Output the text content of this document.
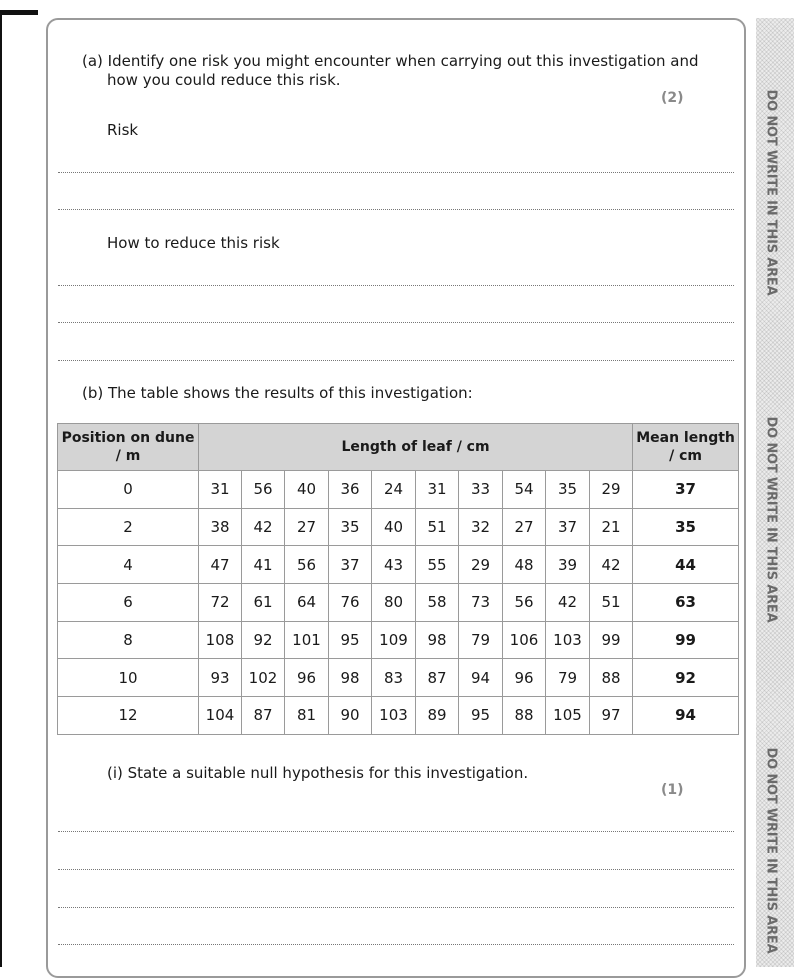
DO NOT WRITE IN THIS AREA
DO NOT WRITE IN THIS AREA
DO NOT WRITE IN THIS AREA
(a) Identify one risk you might encounter when carrying out this investigation and
how you could reduce this risk.
(2)
Risk
How to reduce this risk
(b) The table shows the results of this investigation:
Position on dune / m	Length of leaf / cm										Mean length / cm
0	31	56	40	36	24	31	33	54	35	29	37
2	38	42	27	35	40	51	32	27	37	21	35
4	47	41	56	37	43	55	29	48	39	42	44
6	72	61	64	76	80	58	73	56	42	51	63
8	108	92	101	95	109	98	79	106	103	99	99
10	93	102	96	98	83	87	94	96	79	88	92
12	104	87	81	90	103	89	95	88	105	97	94
(i) State a suitable null hypothesis for this investigation.
(1)
